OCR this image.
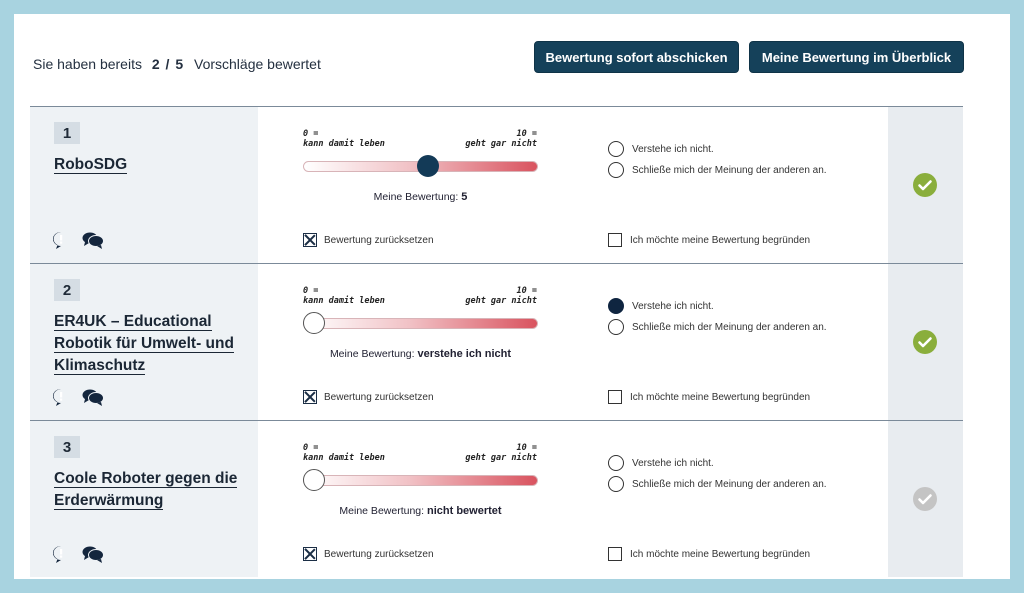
Sie haben bereits 2 / 5 Vorschläge bewertet	Bewertung sofort abschicken	Meine Bewertung im Überblick
1
RoboSDG
0 =
kann damit leben
10 =
geht gar nicht
Meine Bewertung: 5
Bewertung zurücksetzen
Verstehe ich nicht.
Schließe mich der Meinung der anderen an.
Ich möchte meine Bewertung begründen
2
ER4UK – Educational Robotik für Umwelt- und Klimaschutz
0 =
kann damit leben
10 =
geht gar nicht
Meine Bewertung: verstehe ich nicht
Bewertung zurücksetzen
Verstehe ich nicht.
Schließe mich der Meinung der anderen an.
Ich möchte meine Bewertung begründen
3
Coole Roboter gegen die Erderwärmung
0 =
kann damit leben
10 =
geht gar nicht
Meine Bewertung: nicht bewertet
Bewertung zurücksetzen
Verstehe ich nicht.
Schließe mich der Meinung der anderen an.
Ich möchte meine Bewertung begründen
